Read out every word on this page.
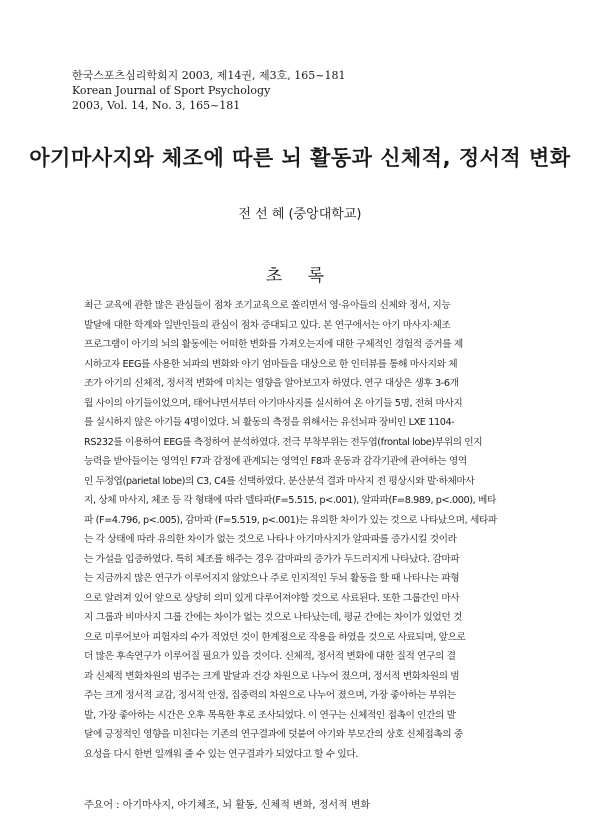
한국스포츠심리학회지 2003, 제14권, 제3호, 165~181
Korean Journal of Sport Psychology
2003, Vol. 14, No. 3, 165~181
아기마사지와 체조에 따른 뇌 활동과 신체적, 정서적 변화
전 선 혜 (중앙대학교)
초 록
최근 교육에 관한 많은 관심들이 점차 조기교육으로 쏠리면서 영·유아들의 신체와 정서, 지능
발달에 대한 학계와 일반인들의 관심이 점차 증대되고 있다. 본 연구에서는 아기 마사지·체조
프로그램이 아기의 뇌의 활동에는 어떠한 변화를 가져오는지에 대한 구체적인 경험적 증거를 제
시하고자 EEG를 사용한 뇌파의 변화와 아기 엄마들을 대상으로 한 인터뷰를 통해 마사지와 체
조가 아기의 신체적, 정서적 변화에 미치는 영향을 알아보고자 하였다. 연구 대상은 생후 3-6개
월 사이의 아기들이었으며, 태어나면서부터 아기마사지를 실시하여 온 아기들 5명, 전혀 마사지
를 실시하지 않은 아기들 4명이었다. 뇌 활동의 측정을 위해서는 유선뇌파 장비인 LXE 1104-
RS232를 이용하여 EEG를 측정하여 분석하였다. 전극 부착부위는 전두엽(frontal lobe)부위의 인지
능력을 받아들이는 영역인 F7과 감정에 관계되는 영역인 F8과 운동과 감각기관에 관여하는 영역
인 두정엽(parietal lobe)의 C3, C4를 선택하였다. 분산분석 결과 마사지 전 평상시와 발·하체마사
지, 상체 마사지, 체조 등 각 형태에 따라 델타파(F=5.515, p<.001), 알파파(F=8.989, p<.000), 베타
파 (F=4.796, p<.005), 감마파 (F=5.519, p<.001)는 유의한 차이가 있는 것으로 나타났으며, 세타파
는 각 상태에 따라 유의한 차이가 없는 것으로 나타나 아기마사지가 알파파를 증가시킬 것이라
는 가설을 입증하였다. 특히 체조를 해주는 경우 감마파의 증가가 두드러지게 나타났다. 감마파
는 지금까지 많은 연구가 이루어지지 않았으나 주로 인지적인 두뇌 활동을 할 때 나타나는 파형
으로 알려져 있어 앞으로 상당히 의미 있게 다루어져야할 것으로 사료된다. 또한 그룹간인 마사
지 그룹과 비마사지 그룹 간에는 차이가 없는 것으로 나타났는데, 평균 간에는 차이가 있었던 것
으로 미루어보아 피험자의 수가 적었던 것이 한계점으로 작용을 하였을 것으로 사료되며, 앞으로
더 많은 후속연구가 이루어질 필요가 있을 것이다. 신체적, 정서적 변화에 대한 질적 연구의 결
과 신체적 변화차원의 범주는 크게 발달과 건강 차원으로 나누어 졌으며, 정서적 변화차원의 범
주는 크게 정서적 교감, 정서적 안정, 집중력의 차원으로 나누어 졌으며, 가장 좋아하는 부위는
발, 가장 좋아하는 시간은 오후 목욕한 후로 조사되었다. 이 연구는 신체적인 접촉이 인간의 발
달에 긍정적인 영향을 미친다는 기존의 연구결과에 덧붙여 아기와 부모간의 상호 신체접촉의 중
요성을 다시 한번 일깨워 줄 수 있는 연구결과가 되었다고 할 수 있다.
주요어 : 아기마사지, 아기체조, 뇌 활동, 신체적 변화, 정서적 변화
